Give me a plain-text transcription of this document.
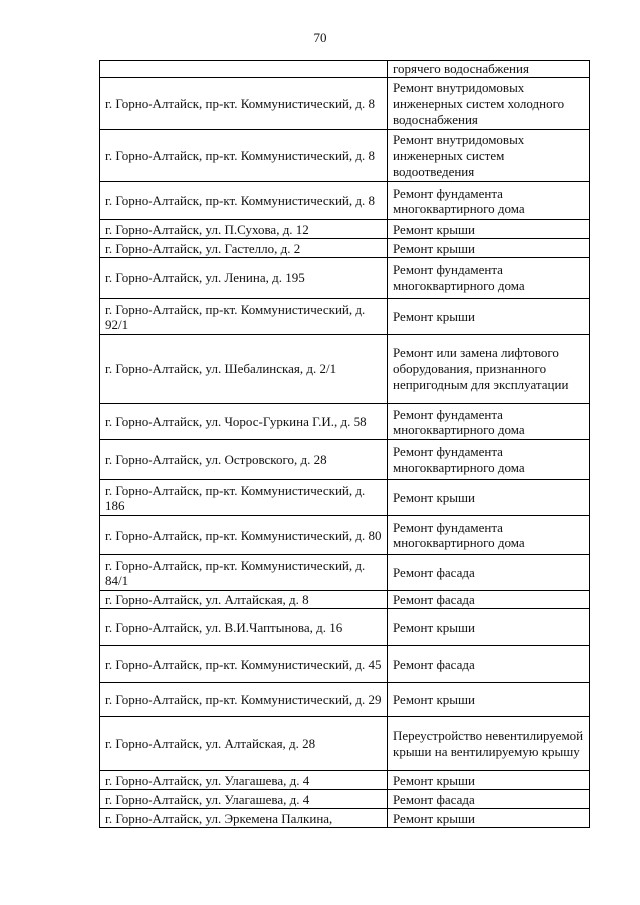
70
	горячего водоснабжения
г. Горно-Алтайск, пр-кт. Коммунистический, д. 8	Ремонт внутридомовых инженерных систем холодного водоснабжения
г. Горно-Алтайск, пр-кт. Коммунистический, д. 8	Ремонт внутридомовых инженерных систем водоотведения
г. Горно-Алтайск, пр-кт. Коммунистический, д. 8	Ремонт фундамента многоквартирного дома
г. Горно-Алтайск, ул. П.Сухова, д. 12	Ремонт крыши
г. Горно-Алтайск, ул. Гастелло, д. 2	Ремонт крыши
г. Горно-Алтайск, ул. Ленина, д. 195	Ремонт фундамента многоквартирного дома
г. Горно-Алтайск, пр-кт. Коммунистический, д. 92/1	Ремонт крыши
г. Горно-Алтайск, ул. Шебалинская, д. 2/1	Ремонт или замена лифтового оборудования, признанного непригодным для эксплуатации
г. Горно-Алтайск, ул. Чорос-Гуркина Г.И., д. 58	Ремонт фундамента многоквартирного дома
г. Горно-Алтайск, ул. Островского, д. 28	Ремонт фундамента многоквартирного дома
г. Горно-Алтайск, пр-кт. Коммунистический, д. 186	Ремонт крыши
г. Горно-Алтайск, пр-кт. Коммунистический, д. 80	Ремонт фундамента многоквартирного дома
г. Горно-Алтайск, пр-кт. Коммунистический, д. 84/1	Ремонт фасада
г. Горно-Алтайск, ул. Алтайская, д. 8	Ремонт фасада
г. Горно-Алтайск, ул. В.И.Чаптынова, д. 16	Ремонт крыши
г. Горно-Алтайск, пр-кт. Коммунистический, д. 45	Ремонт фасада
г. Горно-Алтайск, пр-кт. Коммунистический, д. 29	Ремонт крыши
г. Горно-Алтайск, ул. Алтайская, д. 28	Переустройство невентилируемой крыши на вентилируемую крышу
г. Горно-Алтайск, ул. Улагашева, д. 4	Ремонт крыши
г. Горно-Алтайск, ул. Улагашева, д. 4	Ремонт фасада
г. Горно-Алтайск, ул. Эркемена Палкина,	Ремонт крыши
